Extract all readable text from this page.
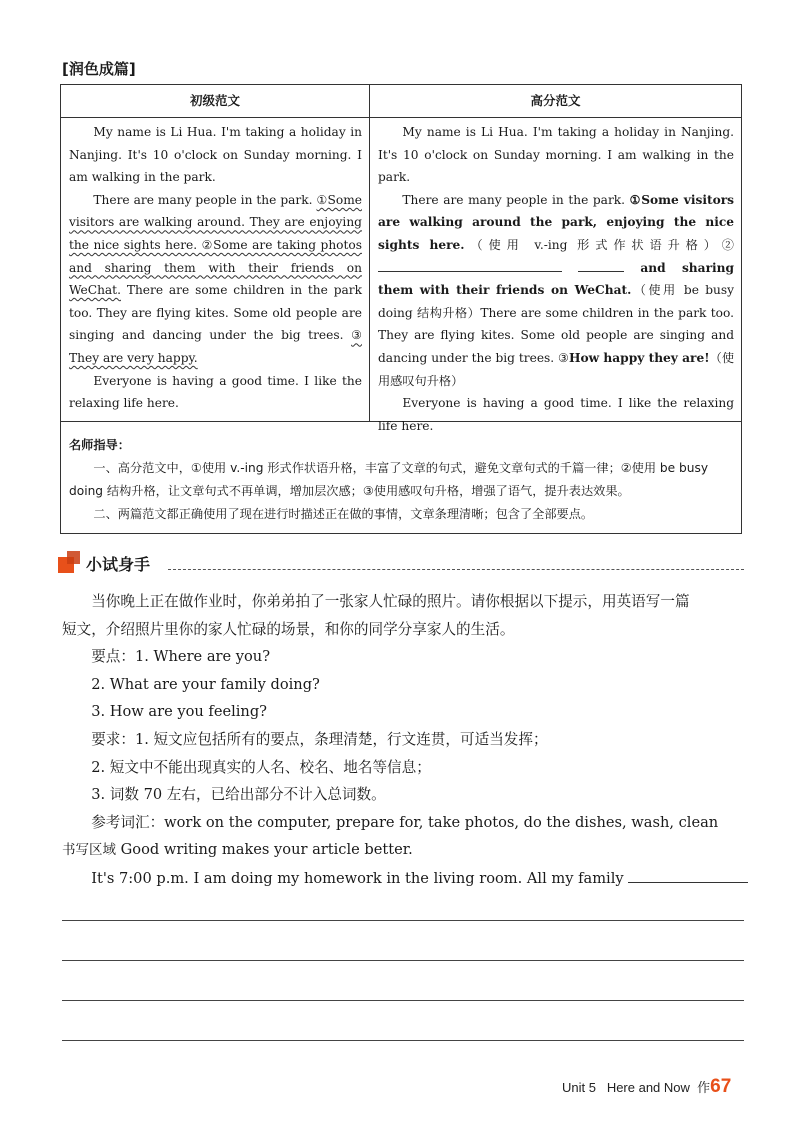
[润色成篇]
初级范文

My name is Li Hua. I'm taking a holiday in Nanjing. It's 10 o'clock on Sunday morning. I am walking in the park.

There are many people in the park. ①Some visitors are walking around. They are enjoying the nice sights here. ②Some are taking photos and sharing them with their friends on WeChat. There are some children in the park too. They are flying kites. Some old people are singing and dancing under the big trees. ③ They are very happy.

Everyone is having a good time. I like the relaxing life here.

高分范文

My name is Li Hua. I'm taking a holiday in Nanjing. It's 10 o'clock on Sunday morning. I am walking in the park.

There are many people in the park. ①Some visitors are walking around the park, enjoying the nice sights here.（使用 v.-ing 形式作状语升格）②  and sharing them with their friends on WeChat.（使用 be busy doing 结构升格）There are some children in the park too. They are flying kites. Some old people are singing and dancing under the big trees. ③How happy they are!（使用感叹句升格）

Everyone is having a good time. I like the relaxing life here.

名师指导：

一、高分范文中，①使用 v.-ing 形式作状语升格，丰富了文章的句式，避免文章句式的千篇一律；②使用 be busy doing 结构升格，让文章句式不再单调，增加层次感；③使用感叹句升格，增强了语气，提升表达效果。

二、两篇范文都正确使用了现在进行时描述正在做的事情，文章条理清晰；包含了全部要点。

小试身手
当你晚上正在做作业时，你弟弟拍了一张家人忙碌的照片。请你根据以下提示，用英语写一篇
短文，介绍照片里你的家人忙碌的场景，和你的同学分享家人的生活。
要点：1. Where are you?
2. What are your family doing?
3. How are you feeling?
要求：1. 短文应包括所有的要点，条理清楚，行文连贯，可适当发挥；
2. 短文中不能出现真实的人名、校名、地名等信息；
3. 词数 70 左右，已给出部分不计入总词数。
参考词汇：work on the computer, prepare for, take photos, do the dishes, wash, clean
书写区域 Good writing makes your article better.
It's 7:00 p.m. I am doing my homework in the living room. All my family
Unit 5 Here and Now 作67
